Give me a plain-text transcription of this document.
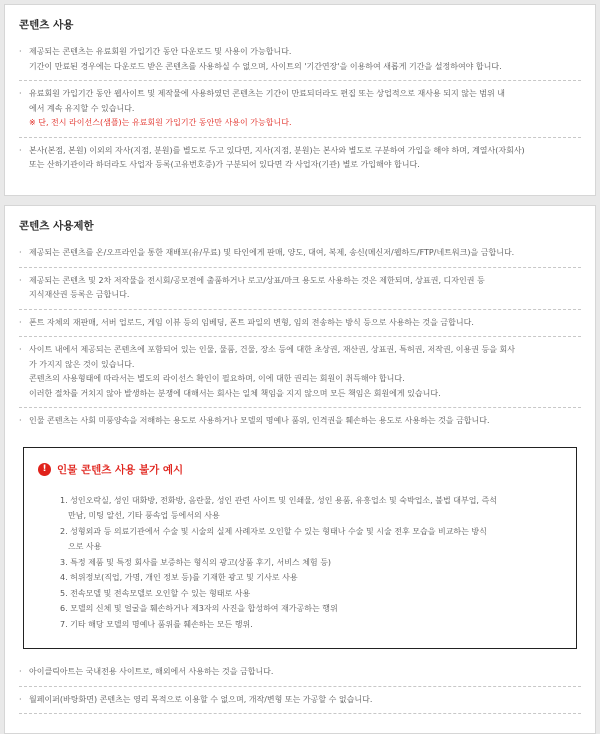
콘텐츠 사용
· 제공되는 콘텐츠는 유료회원 가입기간 동안 다운로드 및 사용이 가능합니다.

기간이 만료된 경우에는 다운로드 받은 콘텐츠를 사용하실 수 없으며, 사이트의 '기간연장'을 이용하여 새롭게 기간을 설정하여야 합니다.

· 유료회원 가입기간 동안 웹사이트 및 제작물에 사용하였던 콘텐츠는 기간이 만료되더라도 편집 또는 상업적으로 재사용 되지 않는 범위 내

에서 계속 유지할 수 있습니다.

※ 단, 전시 라이선스(샘플)는 유료회원 가입기간 동안만 사용이 가능합니다.

· 본사(본점, 본원) 이외의 자사(지점, 분원)를 별도로 두고 있다면, 지사(지점, 분원)는 본사와 별도로 구분하여 가입을 해야 하며, 계열사(자회사)

또는 산하기관이라 하더라도 사업자 등록(고유번호증)가 구분되어 있다면 각 사업자(기관) 별로 가입해야 합니다.

콘텐츠 사용제한
· 제공되는 콘텐츠를 온/오프라인을 통한 재배포(유/무료) 및 타인에게 판매, 양도, 대여, 복제, 송신(메신저/웹하드/FTP/네트워크)을 금합니다.

· 제공되는 콘텐츠 및 2차 저작물을 전시회/공모전에 출품하거나 로고/상표/마크 용도로 사용하는 것은 제한되며, 상표권, 디자인권 등

지식재산권 등록은 금합니다.

· 폰트 자체의 재판매, 서버 업로드, 게임 이뷰 등의 임베딩, 폰트 파일의 변형, 임의 전송하는 방식 등으로 사용하는 것을 금합니다.

· 사이트 내에서 제공되는 콘텐츠에 포함되어 있는 인물, 물품, 건물, 장소 등에 대한 초상권, 재산권, 상표권, 특허권, 저작권, 이용권 등을 회사

가 가지지 않은 것이 있습니다.

콘텐츠의 사용형태에 따라서는 별도의 라이선스 확인이 필요하며, 이에 대한 권리는 회원이 취득해야 합니다.

이러한 절차를 거치지 않아 발생하는 분쟁에 대해서는 회사는 일체 책임을 지지 않으며 모든 책임은 회원에게 있습니다.

· 인물 콘텐츠는 사회 미풍양속을 저해하는 용도로 사용하거나 모델의 명예나 품위, 인격권을 훼손하는 용도로 사용하는 것을 금합니다.

! 인물 콘텐츠 사용 불가 예시

1. 성인오락실, 성인 대화방, 전화방, 음란물, 성인 관련 사이트 및 인쇄물, 성인 용품, 유흥업소 및 숙박업소, 불법 대부업, 즉석

만남, 미팅 알선, 기타 풍속업 등에서의 사용

2. 성형외과 등 의료기관에서 수술 및 시술의 실제 사례자로 오인할 수 있는 형태나 수술 및 시술 전후 모습을 비교하는 방식

으로 사용

3. 특정 제품 및 특정 회사를 보증하는 형식의 광고(상품 후기, 서비스 체험 등)

4. 허위정보(직업, 가명, 개인 정보 등)를 기재한 광고 및 기사로 사용

5. 전속모델 및 전속모델로 오인할 수 있는 형태로 사용

6. 모델의 신체 및 얼굴을 훼손하거나 제3자의 사진을 합성하여 재가공하는 행위

7. 기타 해당 모델의 명예나 품위를 훼손하는 모든 행위.

· 아이클릭아트는 국내전용 사이트로, 해외에서 사용하는 것을 금합니다.

· 월페이퍼(바탕화면) 콘텐츠는 영리 목적으로 이용할 수 없으며, 개작/변형 또는 가공할 수 없습니다.
